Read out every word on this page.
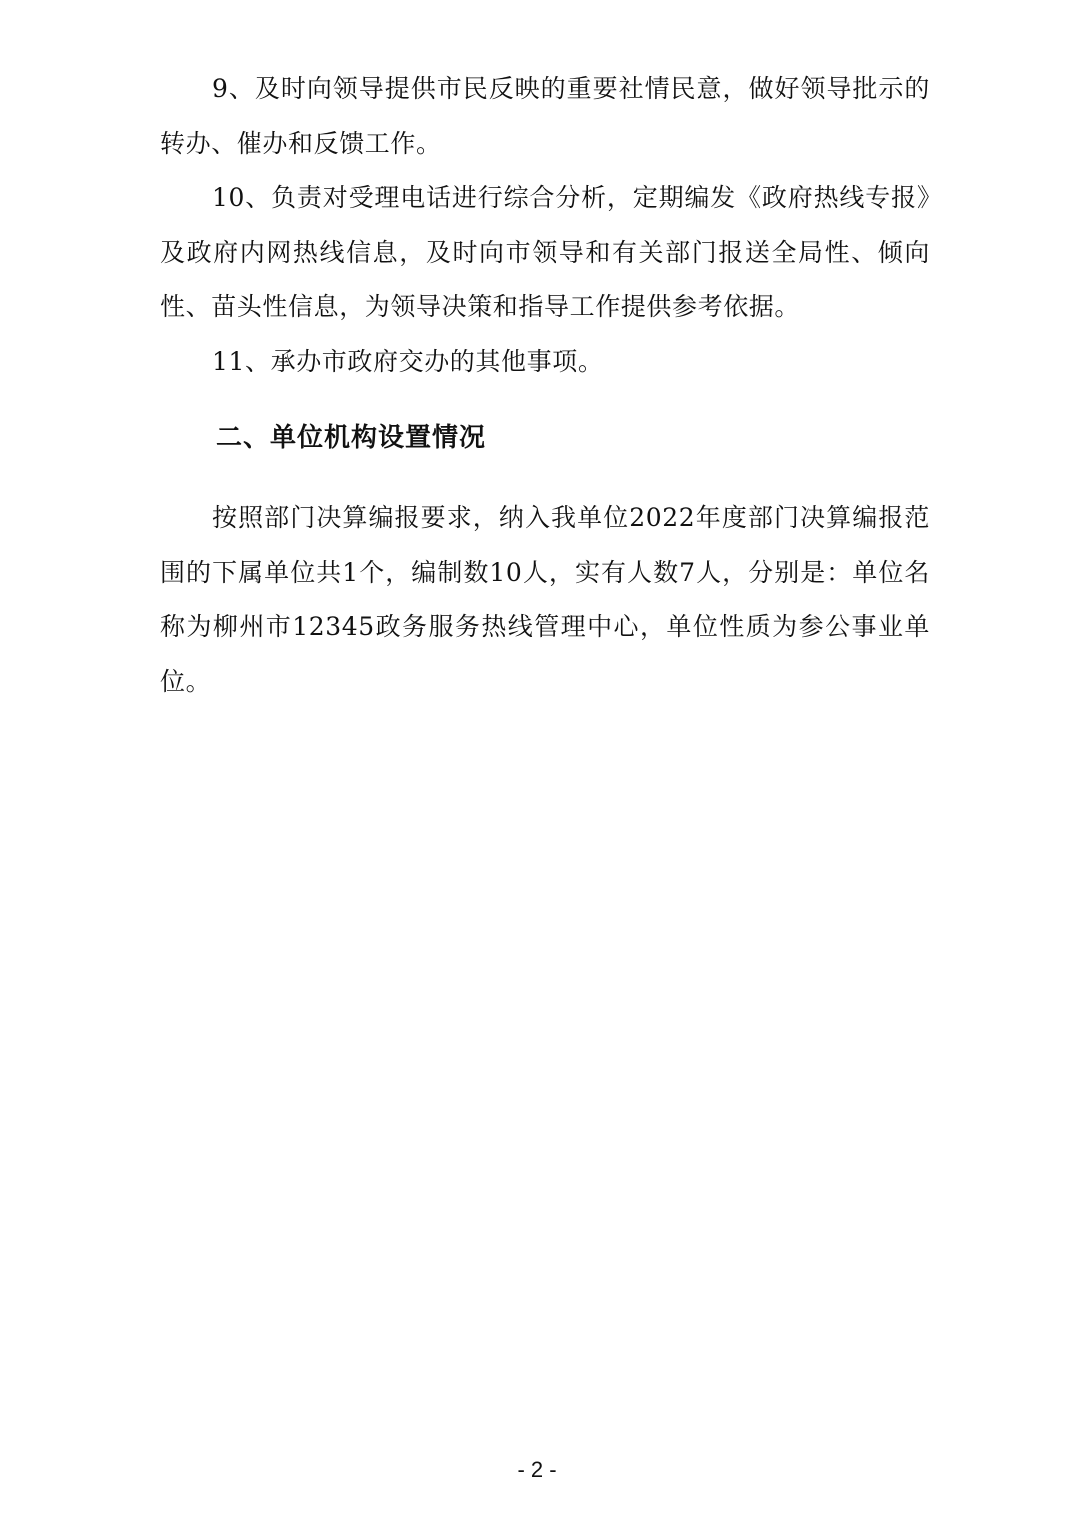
9、及时向领导提供市民反映的重要社情民意，做好领导批示的转办、催办和反馈工作。

10、负责对受理电话进行综合分析，定期编发《政府热线专报》及政府内网热线信息，及时向市领导和有关部门报送全局性、倾向性、苗头性信息，为领导决策和指导工作提供参考依据。

11、承办市政府交办的其他事项。

二、单位机构设置情况

按照部门决算编报要求，纳入我单位2022年度部门决算编报范围的下属单位共1个，编制数10人，实有人数7人，分别是：单位名称为柳州市12345政务服务热线管理中心，单位性质为参公事业单位。

- 2 -
